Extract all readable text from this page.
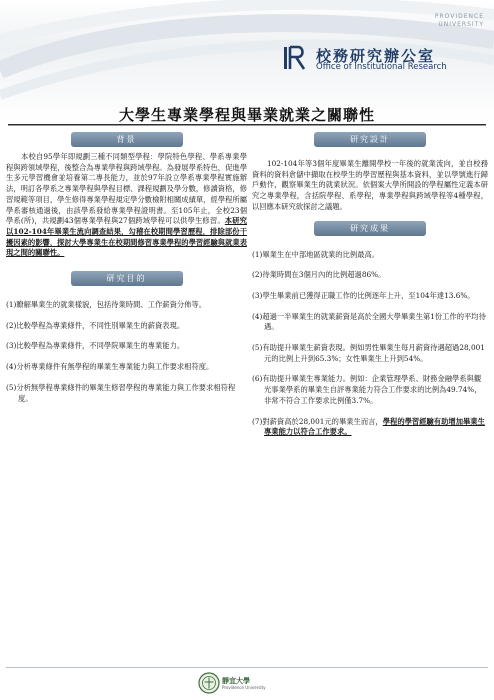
PROVIDENCE
UNIVERSITY
校務研究辦公室
Office of Institutional Research
大學生專業學程與畢業就業之關聯性
背景

本校自95學年即規劃三種不同類型學程：學院特色學程、學系專業學程與跨領域學程，後整合為專業學程與跨域學程。為發展學系特色，促進學生多元學習機會並培養第二專長能力，並於97年設立學系專業學程實施辦法，明訂各學系之專業學程與學程目標、課程規劃及學分數，修讀資格，修習規範等項目，學生修得專業學程規定學分數檢附相關成績單，經學程所屬學系審核通過後，由該學系發給專業學程證明書。至105年止，全校23個學系(所)，共規劃43個專業學程與27個跨域學程可以供學生修習。本研究以102-104年畢業生流向調查結果，勾稽在校期間學習歷程，排除部份干擾因素的影響，探討大學專業生在校期間修習專業學程的學習經驗與就業表現之間的關聯性。

研究目的
(1)瞭解畢業生的就業樣貌，包括待業時間、工作薪資分佈等。
(2)比較學程為專業條件，不同性別畢業生的薪資表現。
(3)比較學程為專業條件，不同學院畢業生的專業能力。
(4)分析專業條件有無學程的畢業生專業能力與工作要求相符度。
(5)分析無學程專業條件的畢業生修習學程的專業能力與工作要求相符程度。
研究設計

102-104年等3個年度畢業生離開學校一年後的就業流向，並自校務資料的資料倉儲中擷取在校學生的學習歷程與基本資料，並以學號進行歸戶動作，觀察畢業生的就業狀況。依個案大學所開設的學程屬性定義本研究之專業學程，含括院學程、系學程，專業學程與跨域學程等4種學程，以回應本研究欲探討之議題。

研究成果
(1)畢業生在中部地區就業的比例最高。
(2)待業時間在3個月內的比例超過86%。
(3)學生畢業前已獲得正職工作的比例逐年上升，至104年達13.6%。
(4)超過一半畢業生的就業薪資是高於全國大學畢業生第1份工作的平均待遇。
(5)有助提升畢業生薪資表現。例如男性畢業生每月薪資待遇超過28,001元的比例上升到65.3%；女性畢業生上升到54%。
(6)有助提升畢業生專業能力。例如：企業管理學系、財務金融學系與觀光事業學系的畢業生自評專業能力符合工作要求的比例為49.74%，非常不符合工作要求比例僅3.7%。
(7)對薪資高於28,001元的畢業生而言，學程的學習經驗有助增加畢業生專業能力以符合工作要求。
靜宜大學
Providence University
